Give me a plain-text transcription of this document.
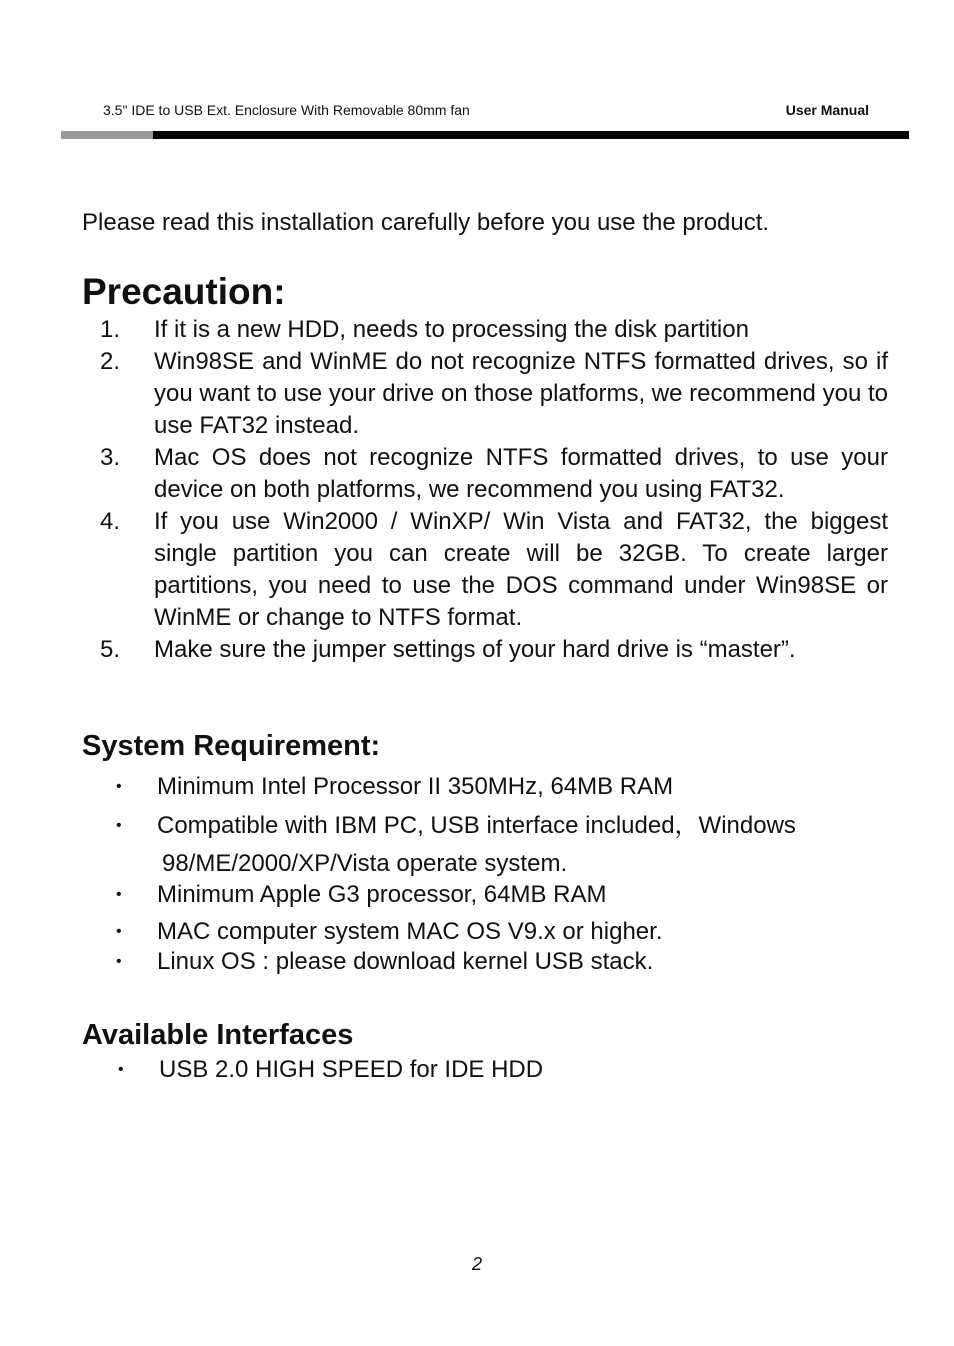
3.5" IDE to USB Ext. Enclosure With Removable 80mm fan	User Manual
Please read this installation carefully before you use the product.
Precaution:
1. If it is a new HDD, needs to processing the disk partition
2. Win98SE and WinME do not recognize NTFS formatted drives, so if you want to use your drive on those platforms, we recommend you to use FAT32 instead.
3. Mac OS does not recognize NTFS formatted drives, to use your device on both platforms, we recommend you using FAT32.
4. If you use Win2000 / WinXP/ Win Vista and FAT32, the biggest single partition you can create will be 32GB. To create larger partitions, you need to use the DOS command under Win98SE or WinME or change to NTFS format.
5. Make sure the jumper settings of your hard drive is “master”.
System Requirement:
• Minimum Intel Processor II 350MHz, 64MB RAM
• Compatible with IBM PC, USB interface included，Windows
98/ME/2000/XP/Vista operate system.
• Minimum Apple G3 processor, 64MB RAM
• MAC computer system MAC OS V9.x or higher.
• Linux OS : please download kernel USB stack.
Available Interfaces
• USB 2.0 HIGH SPEED for IDE HDD
2
